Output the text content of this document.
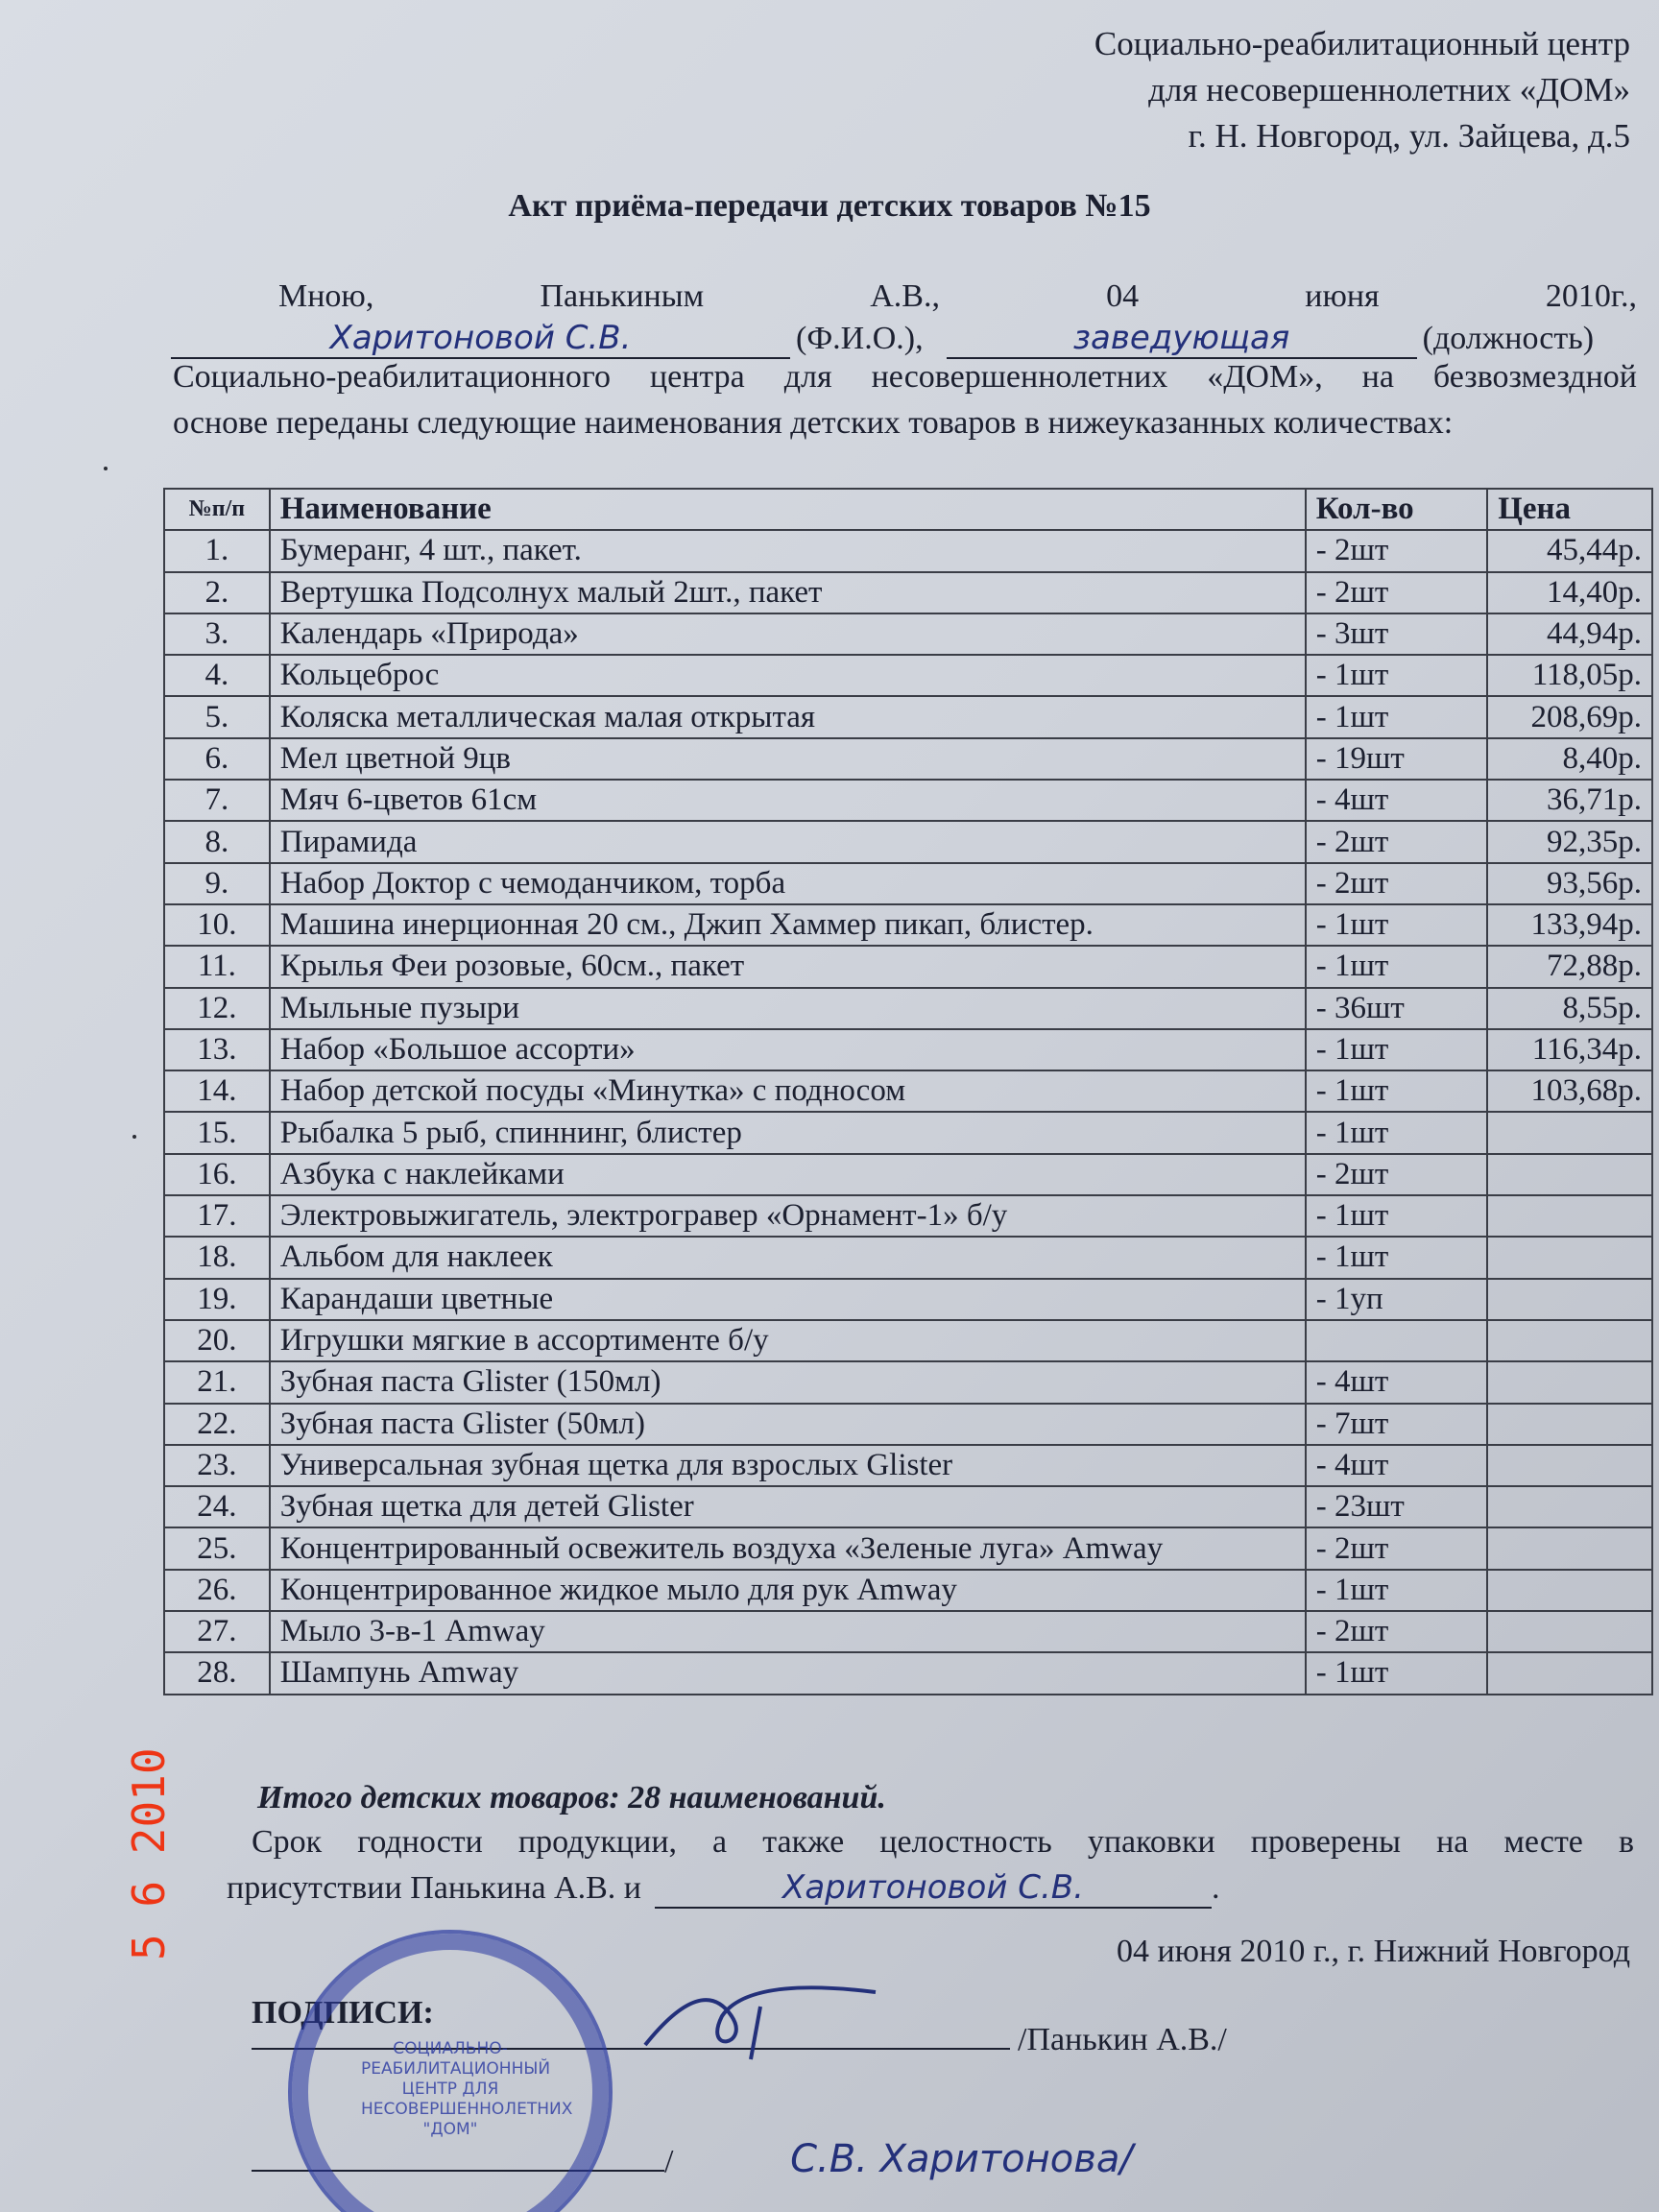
Социально-реабилитационный центр
для несовершеннолетних «ДОМ»
г. Н. Новгород, ул. Зайцева, д.5
Акт приёма-передачи детских товаров №15
Мною,	Панькиным	А.В.,	04	июня	2010г.,
Харитоновой С.В.	(Ф.И.О.),	заведующая	(должность)
Социально-реабилитационного центра для несовершеннолетних «ДОМ», на безвозмездной
основе переданы следующие наименования детских товаров в нижеуказанных количествах:
№п/п	Наименование	Кол-во	Цена
1.	Бумеранг, 4 шт., пакет.	- 2шт	45,44р.
2.	Вертушка Подсолнух малый 2шт., пакет	- 2шт	14,40р.
3.	Календарь «Природа»	- 3шт	44,94р.
4.	Кольцеброс	- 1шт	118,05р.
5.	Коляска металлическая малая открытая	- 1шт	208,69р.
6.	Мел цветной 9цв	- 19шт	8,40р.
7.	Мяч 6-цветов 61см	- 4шт	36,71р.
8.	Пирамида	- 2шт	92,35р.
9.	Набор Доктор с чемоданчиком, торба	- 2шт	93,56р.
10.	Машина инерционная 20 см., Джип Хаммер пикап, блистер.	- 1шт	133,94р.
11.	Крылья Феи розовые, 60см., пакет	- 1шт	72,88р.
12.	Мыльные пузыри	- 36шт	8,55р.
13.	Набор «Большое ассорти»	- 1шт	116,34р.
14.	Набор детской посуды «Минутка» с подносом	- 1шт	103,68р.
15.	Рыбалка 5 рыб, спиннинг, блистер	- 1шт	
16.	Азбука с наклейками	- 2шт	
17.	Электровыжигатель, электрогравер «Орнамент-1» б/у	- 1шт	
18.	Альбом для наклеек	- 1шт	
19.	Карандаши цветные	- 1уп	
20.	Игрушки мягкие в ассортименте б/у		
21.	Зубная паста Glister (150мл)	- 4шт	
22.	Зубная паста Glister (50мл)	- 7шт	
23.	Универсальная зубная щетка для взрослых Glister	- 4шт	
24.	Зубная щетка для детей Glister	- 23шт	
25.	Концентрированный освежитель воздуха «Зеленые луга» Amway	- 2шт	
26.	Концентрированное жидкое мыло для рук Amway	- 1шт	
27.	Мыло 3-в-1 Amway	- 2шт	
28.	Шампунь Amway	- 1шт	
5 6 2010	Итого детских товаров: 28 наименований.
Срок годности продукции, а также целостность упаковки проверены на месте в
присутствии Панькина А.В. и	Харитоновой С.В.	.
04 июня 2010 г., г. Нижний Новгород
ПОДПИСИ:
/Панькин А.В./
/	С.В. Харитонова/
СОЦИАЛЬНО-РЕАБИЛИТАЦИОННЫЙ ЦЕНТР ДЛЯ НЕСОВЕРШЕННОЛЕТНИХ "ДОМ"
